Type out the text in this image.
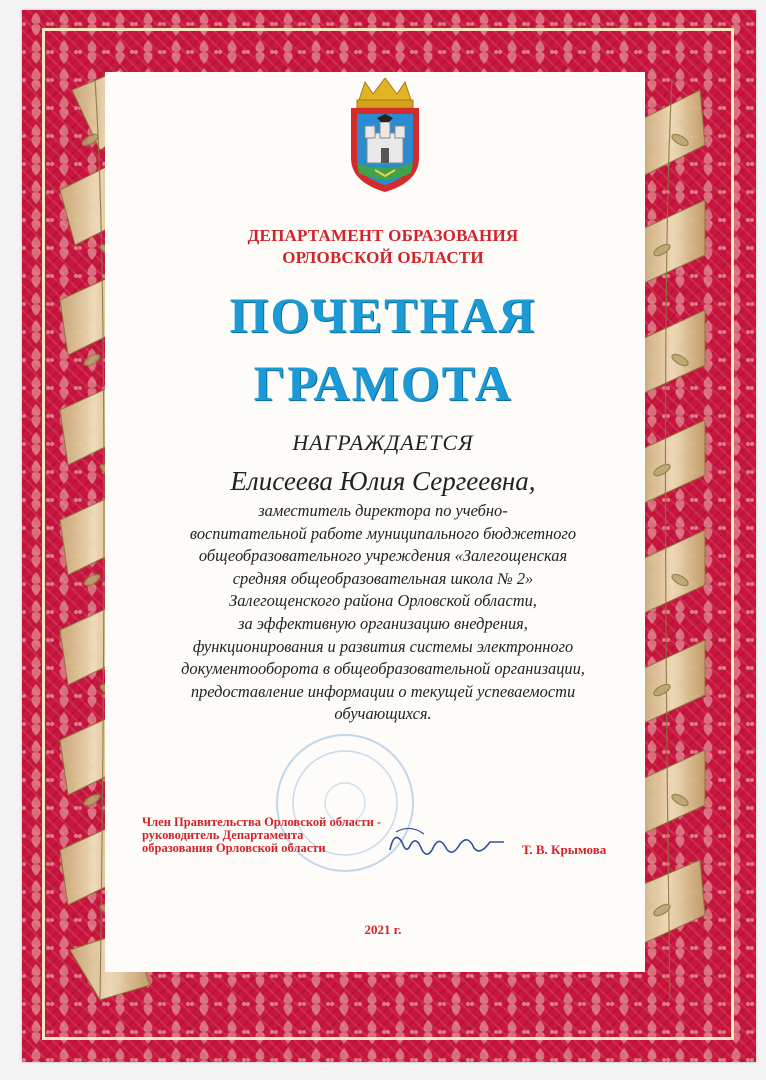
ДЕПАРТАМЕНТ ОБРАЗОВАНИЯ
ОРЛОВСКОЙ ОБЛАСТИ
ПОЧЕТНАЯ
ГРАМОТА
НАГРАЖДАЕТСЯ
Елисеева Юлия Сергеевна,
заместитель директора по учебно-
воспитательной работе муниципального бюджетного
общеобразовательного учреждения «Залегощенская
средняя общеобразовательная школа № 2»
Залегощенского района Орловской области,
за эффективную организацию внедрения,
функционирования и развития системы электронного
документооборота в общеобразовательной организации,
предоставление информации о текущей успеваемости
обучающихся.
Член Правительства Орловской области -
руководитель Департамента
образования Орловской области	Т. В. Крымова
2021 г.
